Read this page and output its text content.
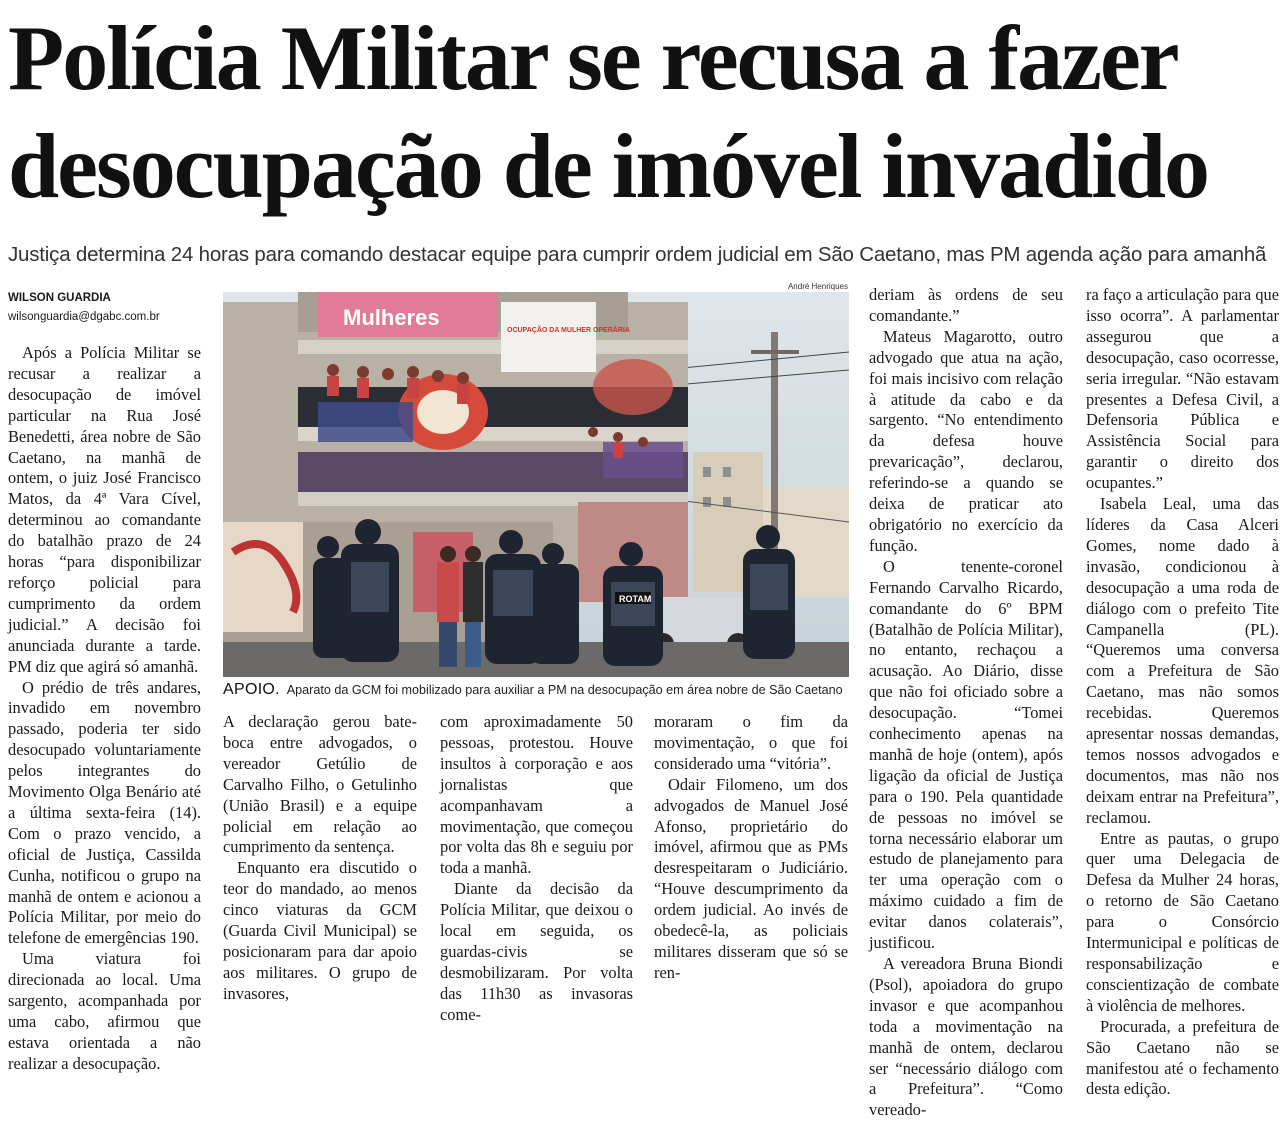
Polícia Militar se recusa a fazer
desocupação de imóvel invadido
Justiça determina 24 horas para comando destacar equipe para cumprir ordem judicial em São Caetano, mas PM agenda ação para amanhã
WILSON GUARDIA
wilsonguardia@dgabc.com.br

Após a Polícia Militar se recusar a realizar a desocupação de imóvel particular na Rua José Benedetti, área nobre de São Caetano, na manhã de ontem, o juiz José Francisco Matos, da 4ª Vara Cível, determinou ao comandante do batalhão prazo de 24 horas “para disponibilizar reforço policial para cumprimento da ordem judicial.” A decisão foi anunciada durante a tarde. PM diz que agirá só amanhã.

O prédio de três andares, invadido em novembro passado, poderia ter sido desocupado voluntariamente pelos integrantes do Movimento Olga Benário até a última sexta-feira (14). Com o prazo vencido, a oficial de Justiça, Cassilda Cunha, notificou o grupo na manhã de ontem e acionou a Polícia Militar, por meio do telefone de emergências 190.

Uma viatura foi direcionada ao local. Uma sargento, acompanhada por uma cabo, afirmou que estava orientada a não realizar a desocupação.

André Henriques
Mulheres
OCUPAÇÃO DA MULHER OPERÁRIA
ROTAM
APOIO. Aparato da GCM foi mobilizado para auxiliar a PM na desocupação em área nobre de São Caetano

A declaração gerou bate-boca entre advogados, o vereador Getúlio de Carvalho Filho, o Getulinho (União Brasil) e a equipe policial em relação ao cumprimento da sentença.

Enquanto era discutido o teor do mandado, ao menos cinco viaturas da GCM (Guarda Civil Municipal) se posicionaram para dar apoio aos militares. O grupo de invasores,

com aproximadamente 50 pessoas, protestou. Houve insultos à corporação e aos jornalistas que acompanhavam a movimentação, que começou por volta das 8h e seguiu por toda a manhã.

Diante da decisão da Polícia Militar, que deixou o local em seguida, os guardas-civis se desmobilizaram. Por volta das 11h30 as invasoras come-

moraram o fim da movimentação, o que foi considerado uma “vitória”.

Odair Filomeno, um dos advogados de Manuel José Afonso, proprietário do imóvel, afirmou que as PMs desrespeitaram o Judiciário. “Houve descumprimento da ordem judicial. Ao invés de obedecê-la, as policiais militares disseram que só se ren-

deriam às ordens de seu comandante.”

Mateus Magarotto, outro advogado que atua na ação, foi mais incisivo com relação à atitude da cabo e da sargento. “No entendimento da defesa houve prevaricação”, declarou, referindo-se a quando se deixa de praticar ato obrigatório no exercício da função.

O tenente-coronel Fernando Carvalho Ricardo, comandante do 6º BPM (Batalhão de Polícia Militar), no entanto, rechaçou a acusação. Ao Diário, disse que não foi oficiado sobre a desocupação. “Tomei conhecimento apenas na manhã de hoje (ontem), após ligação da oficial de Justiça para o 190. Pela quantidade de pessoas no imóvel se torna necessário elaborar um estudo de planejamento para ter uma operação com o máximo cuidado a fim de evitar danos colaterais”, justificou.

A vereadora Bruna Biondi (Psol), apoiadora do grupo invasor e que acompanhou toda a movimentação na manhã de ontem, declarou ser “necessário diálogo com a Prefeitura”. “Como vereado-

ra faço a articulação para que isso ocorra”. A parlamentar assegurou que a desocupação, caso ocorresse, seria irregular. “Não estavam presentes a Defesa Civil, a Defensoria Pública e Assistência Social para garantir o direito dos ocupantes.”

Isabela Leal, uma das líderes da Casa Alceri Gomes, nome dado à invasão, condicionou à desocupação a uma roda de diálogo com o prefeito Tite Campanella (PL). “Queremos uma conversa com a Prefeitura de São Caetano, mas não somos recebidas. Queremos apresentar nossas demandas, temos nossos advogados e documentos, mas não nos deixam entrar na Prefeitura”, reclamou.

Entre as pautas, o grupo quer uma Delegacia de Defesa da Mulher 24 horas, o retorno de São Caetano para o Consórcio Intermunicipal e políticas de responsabilização e conscientização de combate à violência de melhores.

Procurada, a prefeitura de São Caetano não se manifestou até o fechamento desta edição.
